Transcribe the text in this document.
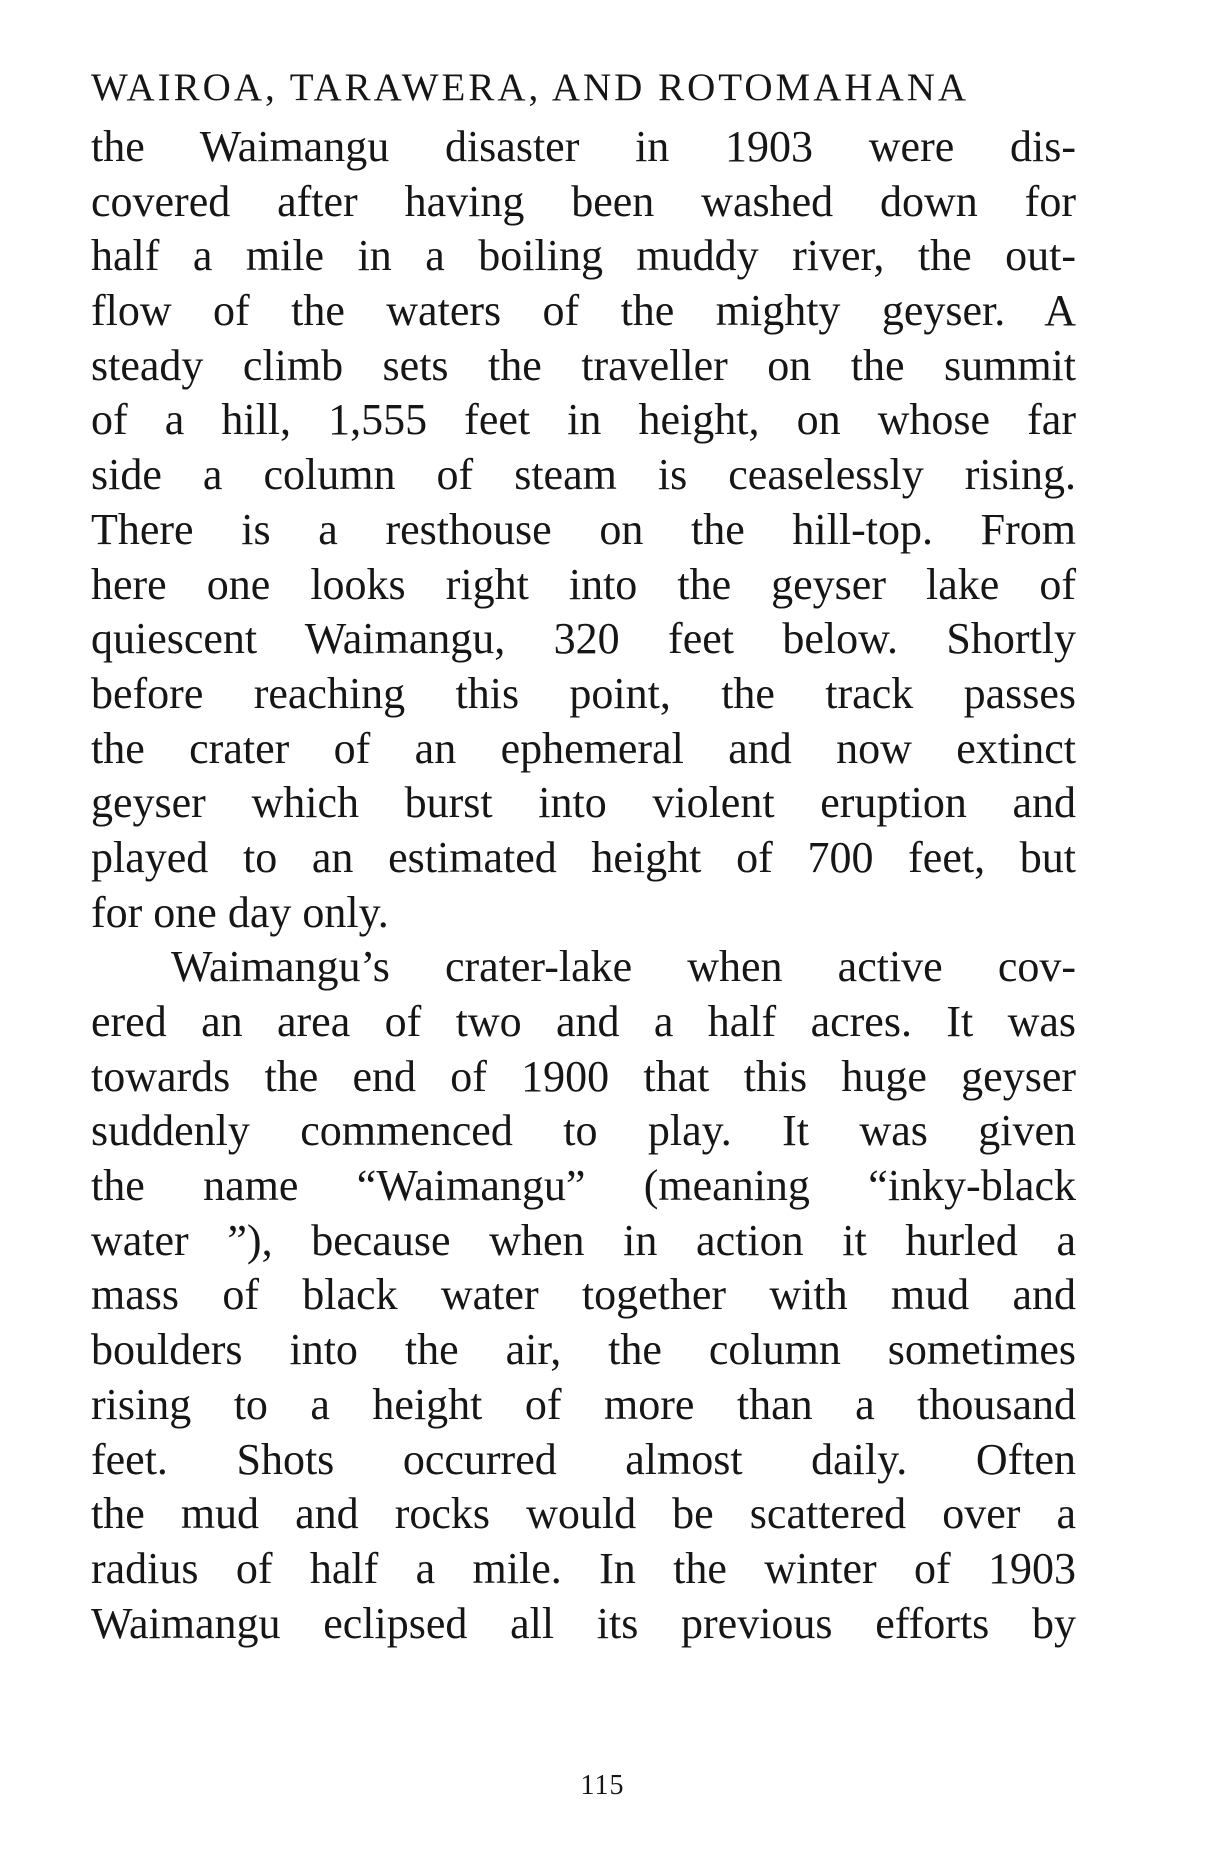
WAIROA, TARAWERA, AND ROTOMAHANA
the Waimangu disaster in 1903 were dis-
covered after having been washed down for
half a mile in a boiling muddy river, the out-
flow of the waters of the mighty geyser. A
steady climb sets the traveller on the summit
of a hill, 1,555 feet in height, on whose far
side a column of steam is ceaselessly rising.
There is a resthouse on the hill-top. From
here one looks right into the geyser lake of
quiescent Waimangu, 320 feet below. Shortly
before reaching this point, the track passes
the crater of an ephemeral and now extinct
geyser which burst into violent eruption and
played to an estimated height of 700 feet, but
for one day only.
Waimangu’s crater-lake when active cov-
ered an area of two and a half acres. It was
towards the end of 1900 that this huge geyser
suddenly commenced to play. It was given
the name “Waimangu” (meaning “inky-black
water ”), because when in action it hurled a
mass of black water together with mud and
boulders into the air, the column sometimes
rising to a height of more than a thousand
feet. Shots occurred almost daily. Often
the mud and rocks would be scattered over a
radius of half a mile. In the winter of 1903
Waimangu eclipsed all its previous efforts by
115
